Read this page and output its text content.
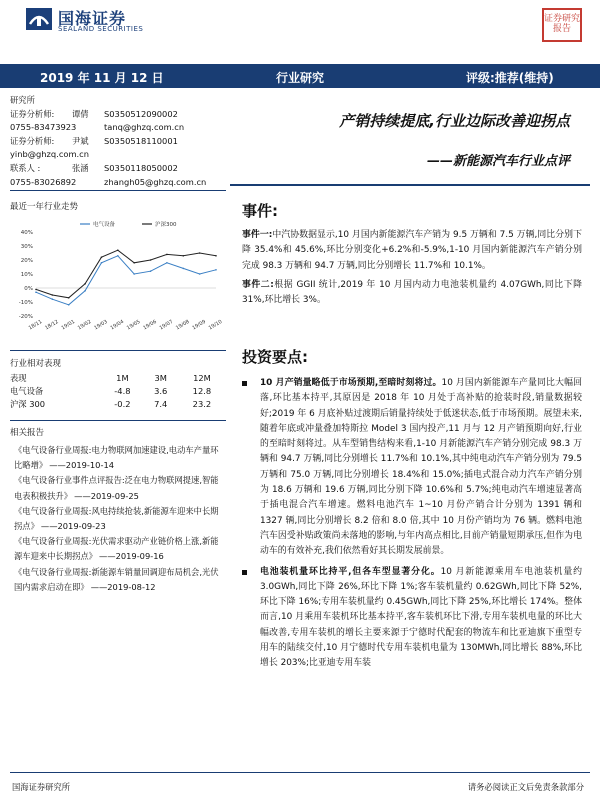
国海证券
SEALAND SECURITIES
证券研究报告
2019 年 11 月 12 日	行业研究	评级:推荐(维持)
研究所
证券分析师:	谭倩	S0350512090002
0755-83473923	tanq@ghzq.com.cn
证券分析师:	尹斌	S0350518110001
yinb@ghzq.com.cn
联系人 :	张涵	S0350118050002
0755-83026892	zhangh05@ghzq.com.cn
产销持续提底,行业边际改善迎拐点
——新能源汽车行业点评
最近一年行业走势
40%
30%
20%
10%
0%
-10%
-20%
18/11 18/12 19/01 19/02 19/03 19/04 19/05 19/06 19/07 19/08 19/09 19/10
电气设备	沪深300
行业相对表现
表现	1M	3M	12M
电气设备	-4.8	3.6	12.8
沪深 300	-0.2	7.4	23.2
相关报告
《电气设备行业周报:电力物联网加速建设,电动车产量环比略增》 ——2019-10-14
《电气设备行业事件点评报告:泛在电力物联网提速,智能电表积极扶升》 ——2019-09-25
《电气设备行业周报:风电持续抢装,新能源车迎来中长期拐点》 ——2019-09-23
《电气设备行业周报:光伏需求驱动产业链价格上涨,新能源车迎来中长期拐点》 ——2019-09-16
《电气设备行业周报:新能源车销量回调迎布局机会,光伏国内需求启动在即》 ——2019-08-12
事件:
事件一:中汽协数据显示,10 月国内新能源汽车产销为 9.5 万辆和 7.5 万辆,同比分别下降 35.4%和 45.6%,环比分别变化+6.2%和-5.9%,1-10 月国内新能源汽车产销分别完成 98.3 万辆和 94.7 万辆,同比分别增长 11.7%和 10.1%。
事件二:根据 GGII 统计,2019 年 10 月国内动力电池装机量约 4.07GWh,同比下降 31%,环比增长 3%。
投资要点:
10 月产销量略低于市场预期,至暗时刻将过。10 月国内新能源车产量同比大幅回落,环比基本持平,其原因是 2018 年 10 月处于高补贴的抢装时段,销量数据较好;2019 年 6 月底补贴过渡期后销量持续处于低迷状态,低于市场预期。展望未来,随着年底或冲量叠加特斯拉 Model 3 国内投产,11 月与 12 月产销预期向好,行业的至暗时刻将过。从车型销售结构来看,1-10 月新能源汽车产销分别完成 98.3 万辆和 94.7 万辆,同比分别增长 11.7%和 10.1%,其中纯电动汽车产销分别为 79.5 万辆和 75.0 万辆,同比分别增长 18.4%和 15.0%;插电式混合动力汽车产销分别为 18.6 万辆和 19.6 万辆,同比分别下降 10.6%和 5.7%;纯电动汽车增速显著高于插电混合汽车增速。燃料电池汽车 1~10 月份产销合计分别为 1391 辆和 1327 辆,同比分别增长 8.2 倍和 8.0 倍,其中 10 月份产销均为 76 辆。燃料电池汽车因受补贴政策尚未落地的影响,与年内高点相比,目前产销量短期承压,但作为电动车的有效补充,我们依然看好其长期发展前景。
电池装机量环比持平,但各车型显著分化。10 月新能源乘用车电池装机量约 3.0GWh,同比下降 26%,环比下降 1%;客车装机量约 0.62GWh,同比下降 52%,环比下降 16%;专用车装机量约 0.45GWh,同比下降 25%,环比增长 174%。整体而言,10 月乘用车装机环比基本持平,客车装机环比下滑,专用车装机电量的环比大幅改善,专用车装机的增长主要来源于宁德时代配套的物流车和比亚迪旗下重型专用车的陆续交付,10 月宁德时代专用车装机电量为 130MWh,同比增长 88%,环比增长 203%;比亚迪专用车装
国海证券研究所	请务必阅读正文后免责条款部分
